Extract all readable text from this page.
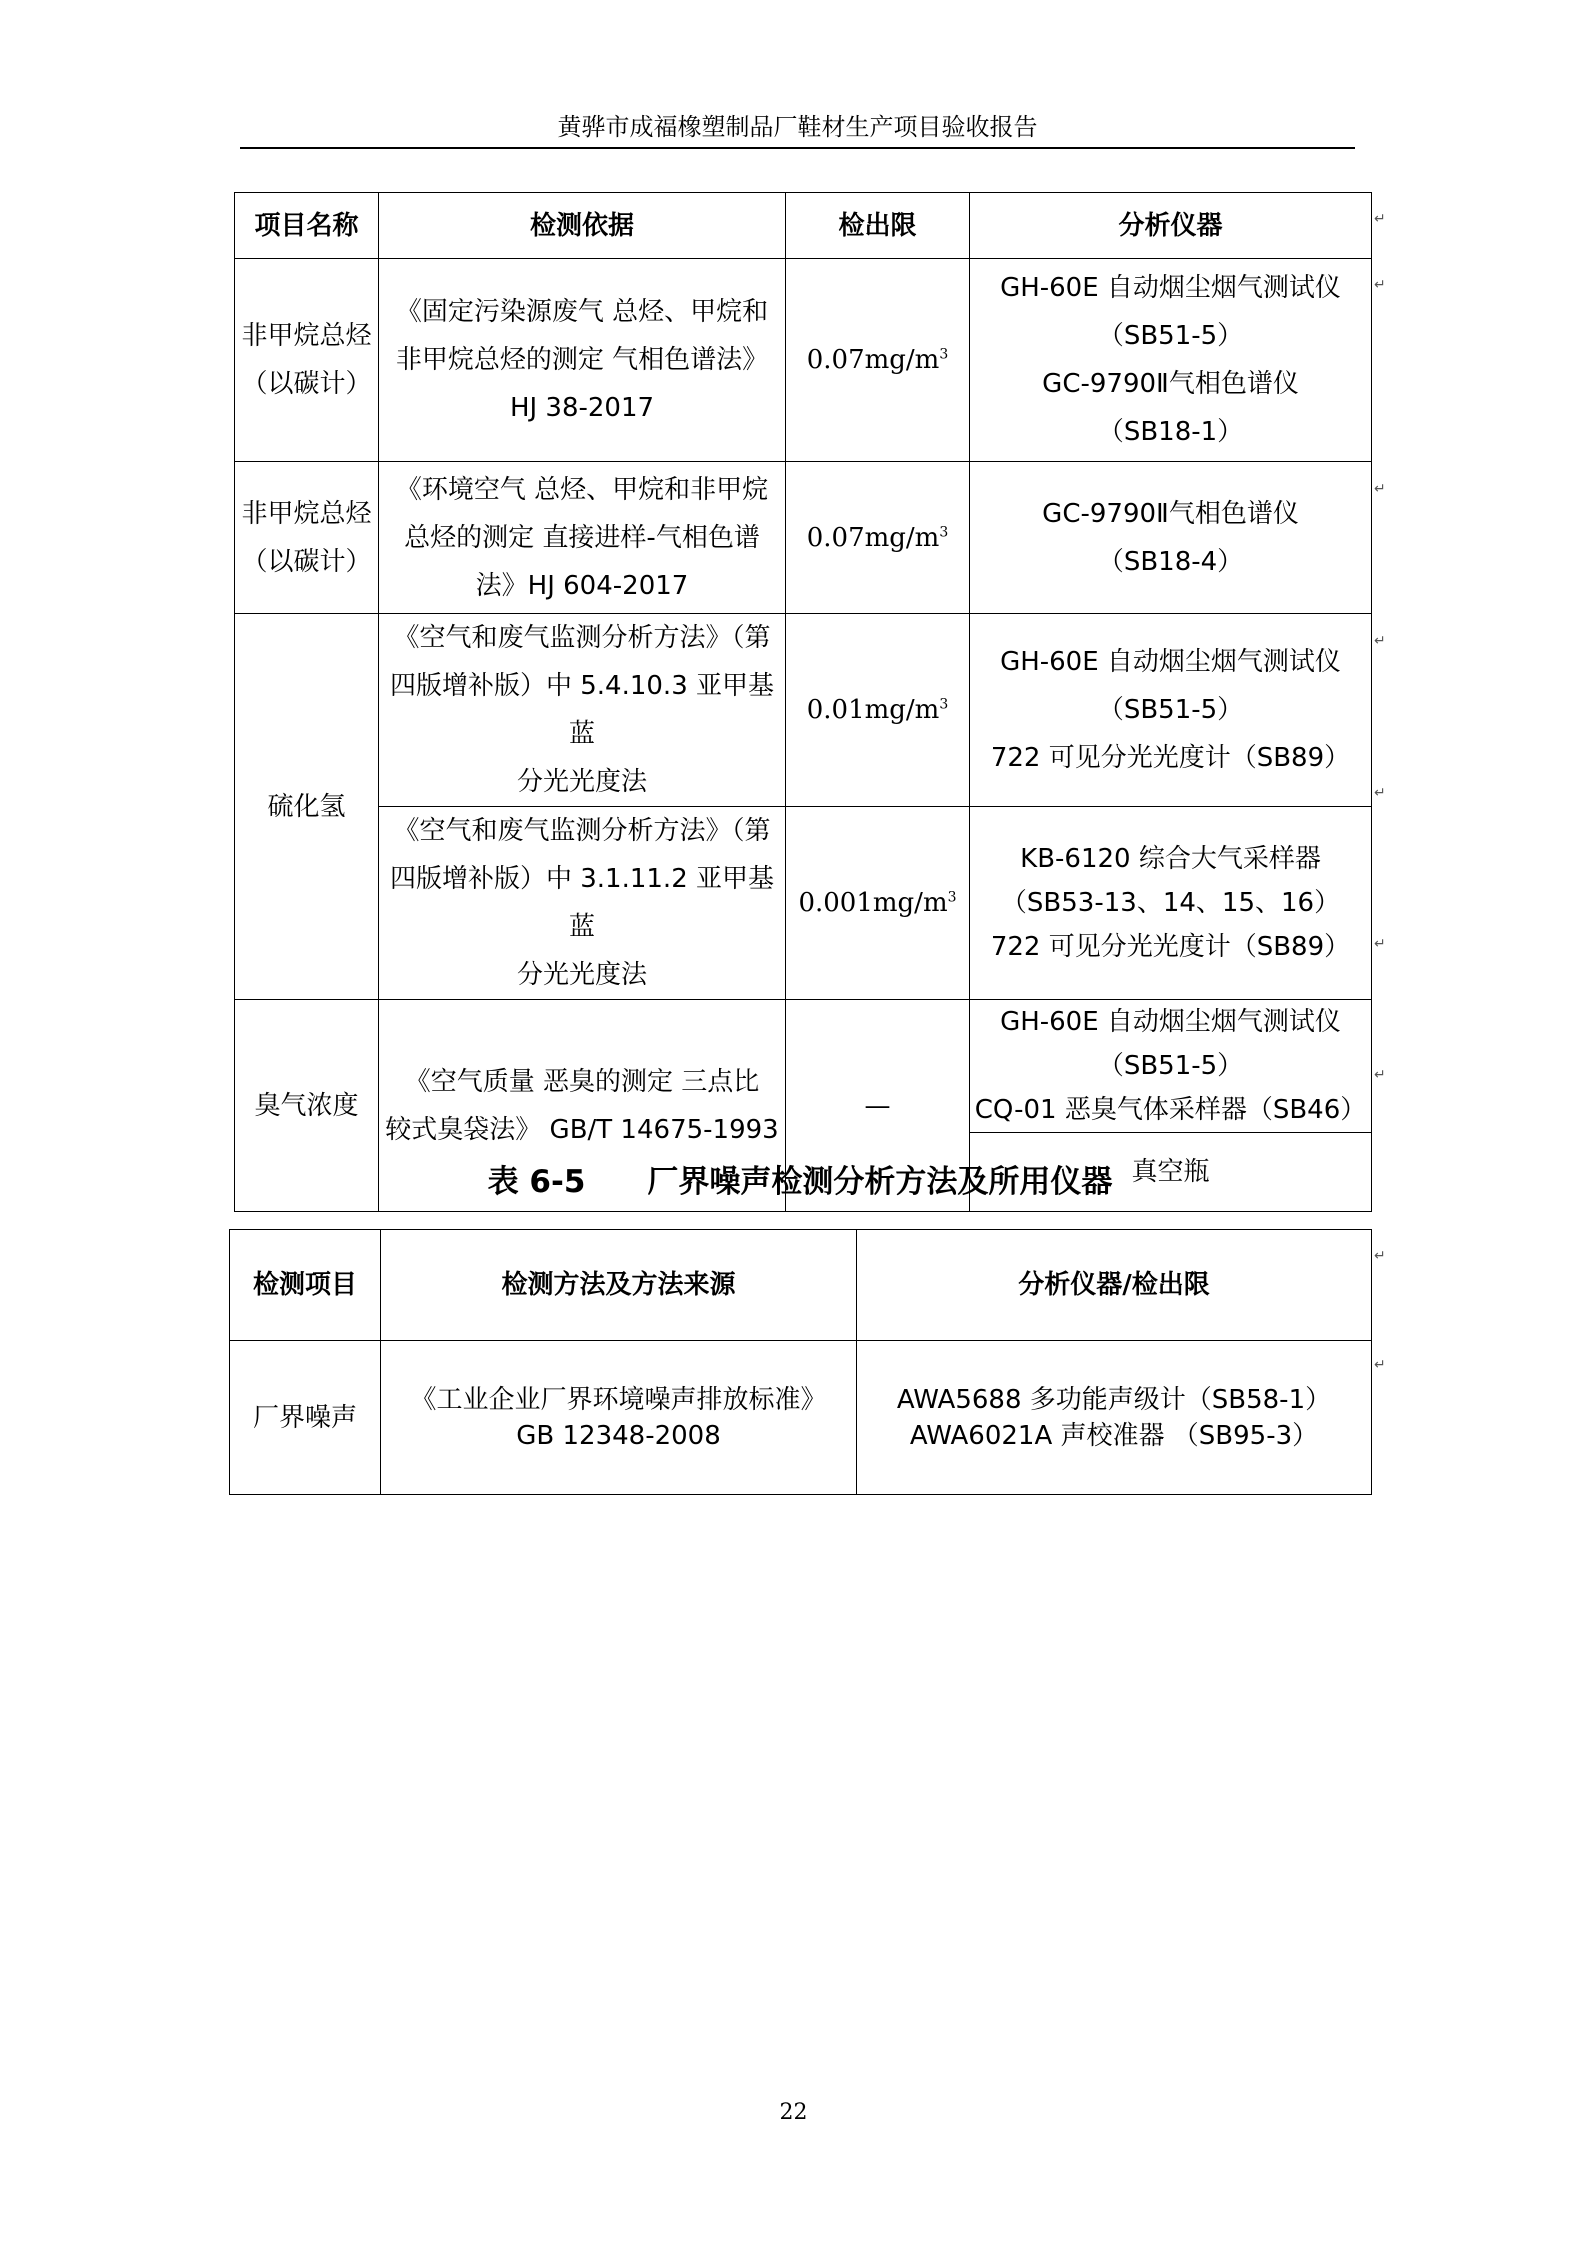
黄骅市成福橡塑制品厂鞋材生产项目验收报告
项目名称	检测依据	检出限	分析仪器

非甲烷总烃
（以碳计）	《固定污染源废气 总烃、甲烷和
非甲烷总烃的测定 气相色谱法》
HJ 38-2017	$0.07mg/m^3$	GH-60E 自动烟尘烟气测试仪
（SB51-5）
GC-9790Ⅱ气相色谱仪
（SB18-1）

非甲烷总烃
（以碳计）	《环境空气 总烃、甲烷和非甲烷
总烃的测定 直接进样-气相色谱
法》HJ 604-2017	$0.07mg/m^3$	GC-9790Ⅱ气相色谱仪
（SB18-4）

硫化氢	《空气和废气监测分析方法》（第
四版增补版）中 5.4.10.3 亚甲基蓝
分光光度法	$0.01mg/m^3$	GH-60E 自动烟尘烟气测试仪
（SB51-5）
722 可见分光光度计（SB89）

	《空气和废气监测分析方法》（第
四版增补版）中 3.1.11.2 亚甲基蓝
分光光度法	$0.001mg/m^3$	KB-6120 综合大气采样器
（SB53-13、14、15、16）
722 可见分光光度计（SB89）

臭气浓度	《空气质量 恶臭的测定 三点比
较式臭袋法》 GB/T 14675-1993	—	GH-60E 自动烟尘烟气测试仪
（SB51-5）
CQ-01 恶臭气体采样器（SB46）

			真空瓶
表 6-5　　厂界噪声检测分析方法及所用仪器
检测项目	检测方法及方法来源	分析仪器/检出限
厂界噪声	《工业企业厂界环境噪声排放标准》
GB 12348-2008	AWA5688 多功能声级计（SB58-1）
AWA6021A 声校准器 （SB95-3）
↵
↵
↵
↵
↵
↵
↵
↵
↵
22
